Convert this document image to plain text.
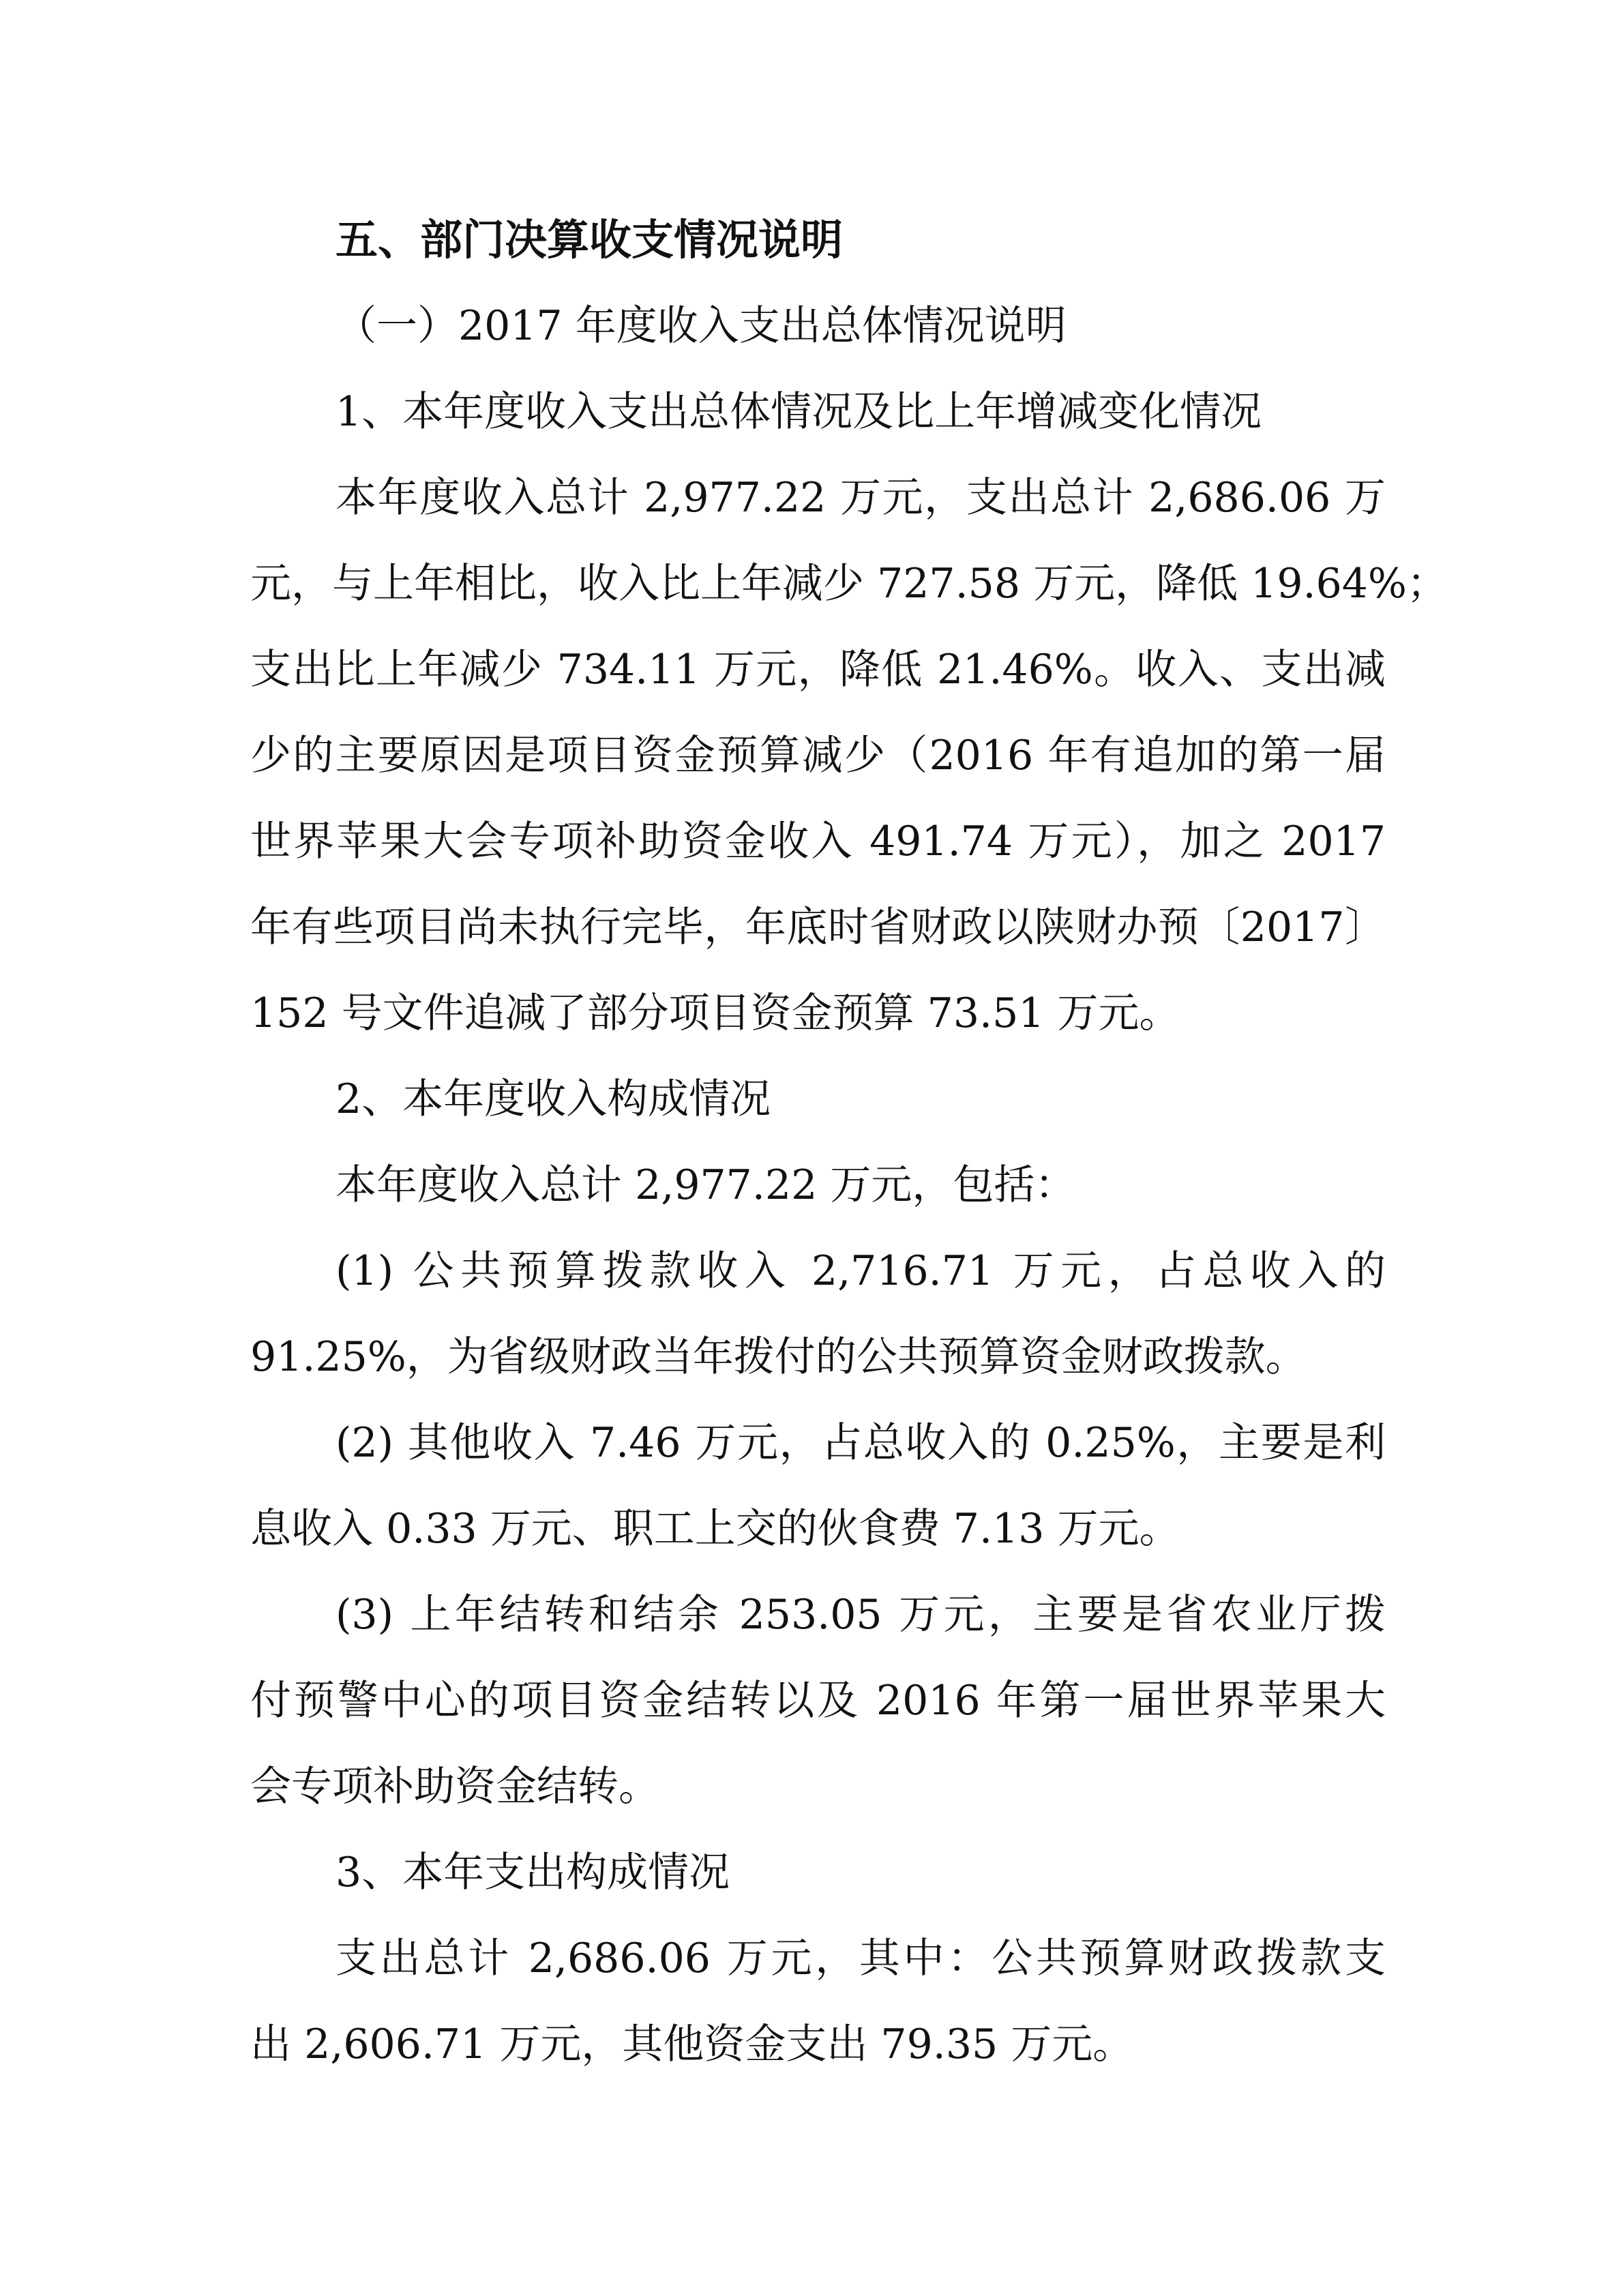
五、部门决算收支情况说明
（一）2017 年度收入支出总体情况说明
1、本年度收入支出总体情况及比上年增减变化情况
本年度收入总计 2,977.22 万元，支出总计 2,686.06 万
元，与上年相比，收入比上年减少 727.58 万元，降低 19.64%；
支出比上年减少 734.11 万元，降低 21.46%。收入、支出减
少的主要原因是项目资金预算减少（2016 年有追加的第一届
世界苹果大会专项补助资金收入 491.74 万元），加之 2017
年有些项目尚未执行完毕，年底时省财政以陕财办预〔2017〕
152 号文件追减了部分项目资金预算 73.51 万元。
2、本年度收入构成情况
本年度收入总计 2,977.22 万元，包括：
(1) 公共预算拨款收入 2,716.71 万元，占总收入的
91.25%，为省级财政当年拨付的公共预算资金财政拨款。
(2) 其他收入 7.46 万元，占总收入的 0.25%，主要是利
息收入 0.33 万元、职工上交的伙食费 7.13 万元。
(3) 上年结转和结余 253.05 万元，主要是省农业厅拨
付预警中心的项目资金结转以及 2016 年第一届世界苹果大
会专项补助资金结转。
3、本年支出构成情况
支出总计 2,686.06 万元，其中：公共预算财政拨款支
出 2,606.71 万元，其他资金支出 79.35 万元。
